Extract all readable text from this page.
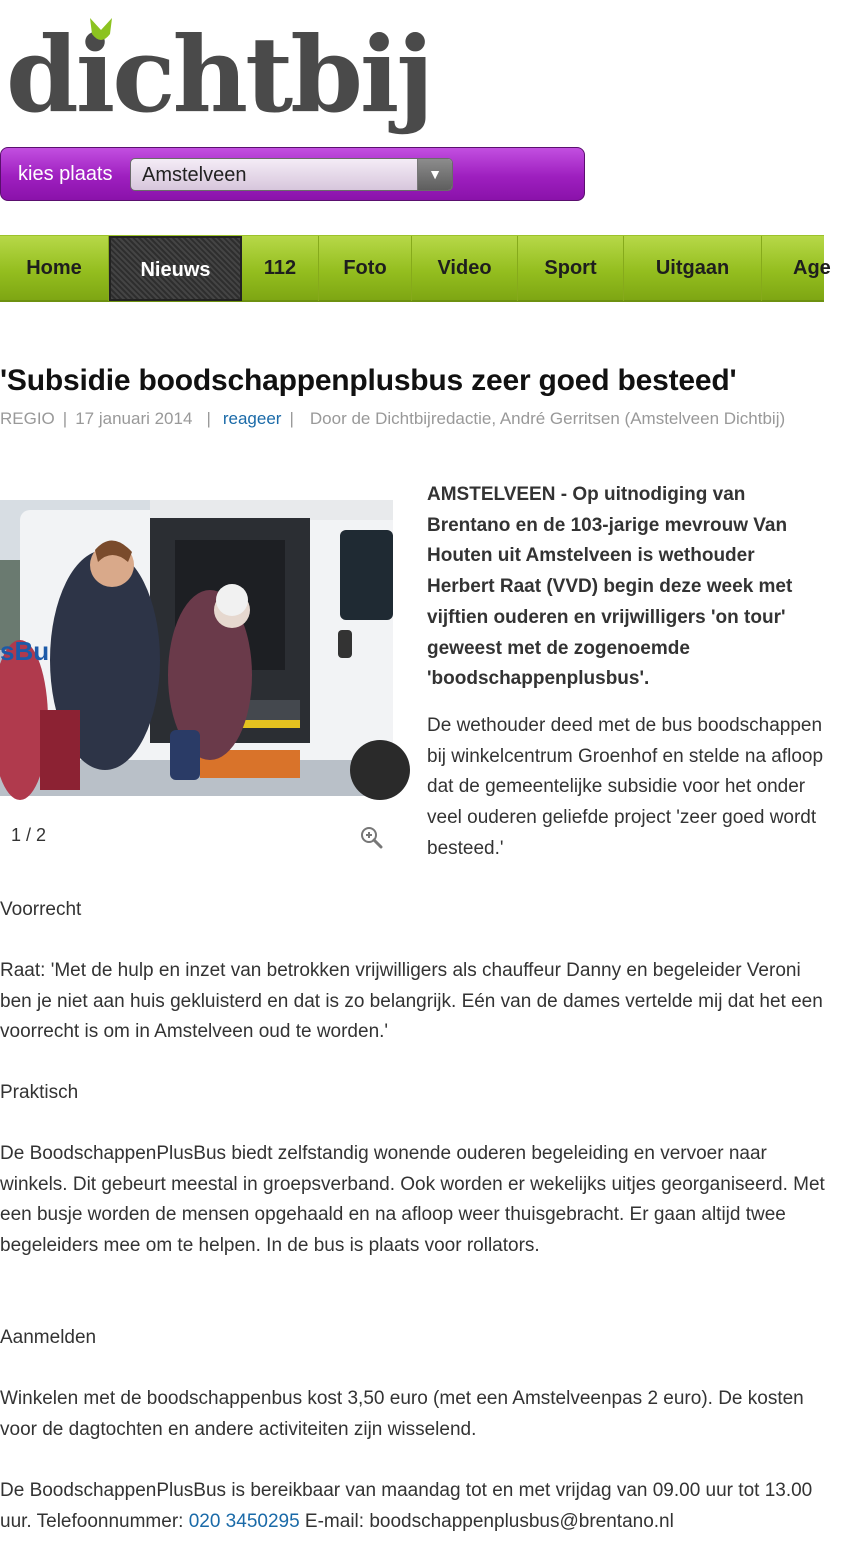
dichtbij
kies plaats Amstelveen	▼
Home	Nieuws	112	Foto	Video	Sport	Uitgaan	Age
'Subsidie boodschappenplusbus zeer goed besteed'
REGIO | 17 januari 2014 | reageer | Door de Dichtbijredactie, André Gerritsen (Amstelveen Dichtbij)
sBu
1 / 2

AMSTELVEEN - Op uitnodiging van Brentano en de 103-jarige mevrouw Van Houten uit Amstelveen is wethouder Herbert Raat (VVD) begin deze week met vijftien ouderen en vrijwilligers 'on tour' geweest met de zogenoemde 'boodschappenplusbus'.

De wethouder deed met de bus boodschappen bij winkelcentrum Groenhof en stelde na afloop dat de gemeentelijke subsidie voor het onder veel ouderen geliefde project 'zeer goed wordt besteed.'

Voorrecht

Raat: 'Met de hulp en inzet van betrokken vrijwilligers als chauffeur Danny en begeleider Veroni ben je niet aan huis gekluisterd en dat is zo belangrijk. Eén van de dames vertelde mij dat het een voorrecht is om in Amstelveen oud te worden.'

Praktisch

De BoodschappenPlusBus biedt zelfstandig wonende ouderen begeleiding en vervoer naar winkels. Dit gebeurt meestal in groepsverband. Ook worden er wekelijks uitjes georganiseerd. Met een busje worden de mensen opgehaald en na afloop weer thuisgebracht. Er gaan altijd twee begeleiders mee om te helpen. In de bus is plaats voor rollators.

Aanmelden

Winkelen met de boodschappenbus kost 3,50 euro (met een Amstelveenpas 2 euro). De kosten voor de dagtochten en andere activiteiten zijn wisselend.

De BoodschappenPlusBus is bereikbaar van maandag tot en met vrijdag van 09.00 uur tot 13.00 uur. Telefoonnummer: 020 3450295 E-mail: boodschappenplusbus@brentano.nl
